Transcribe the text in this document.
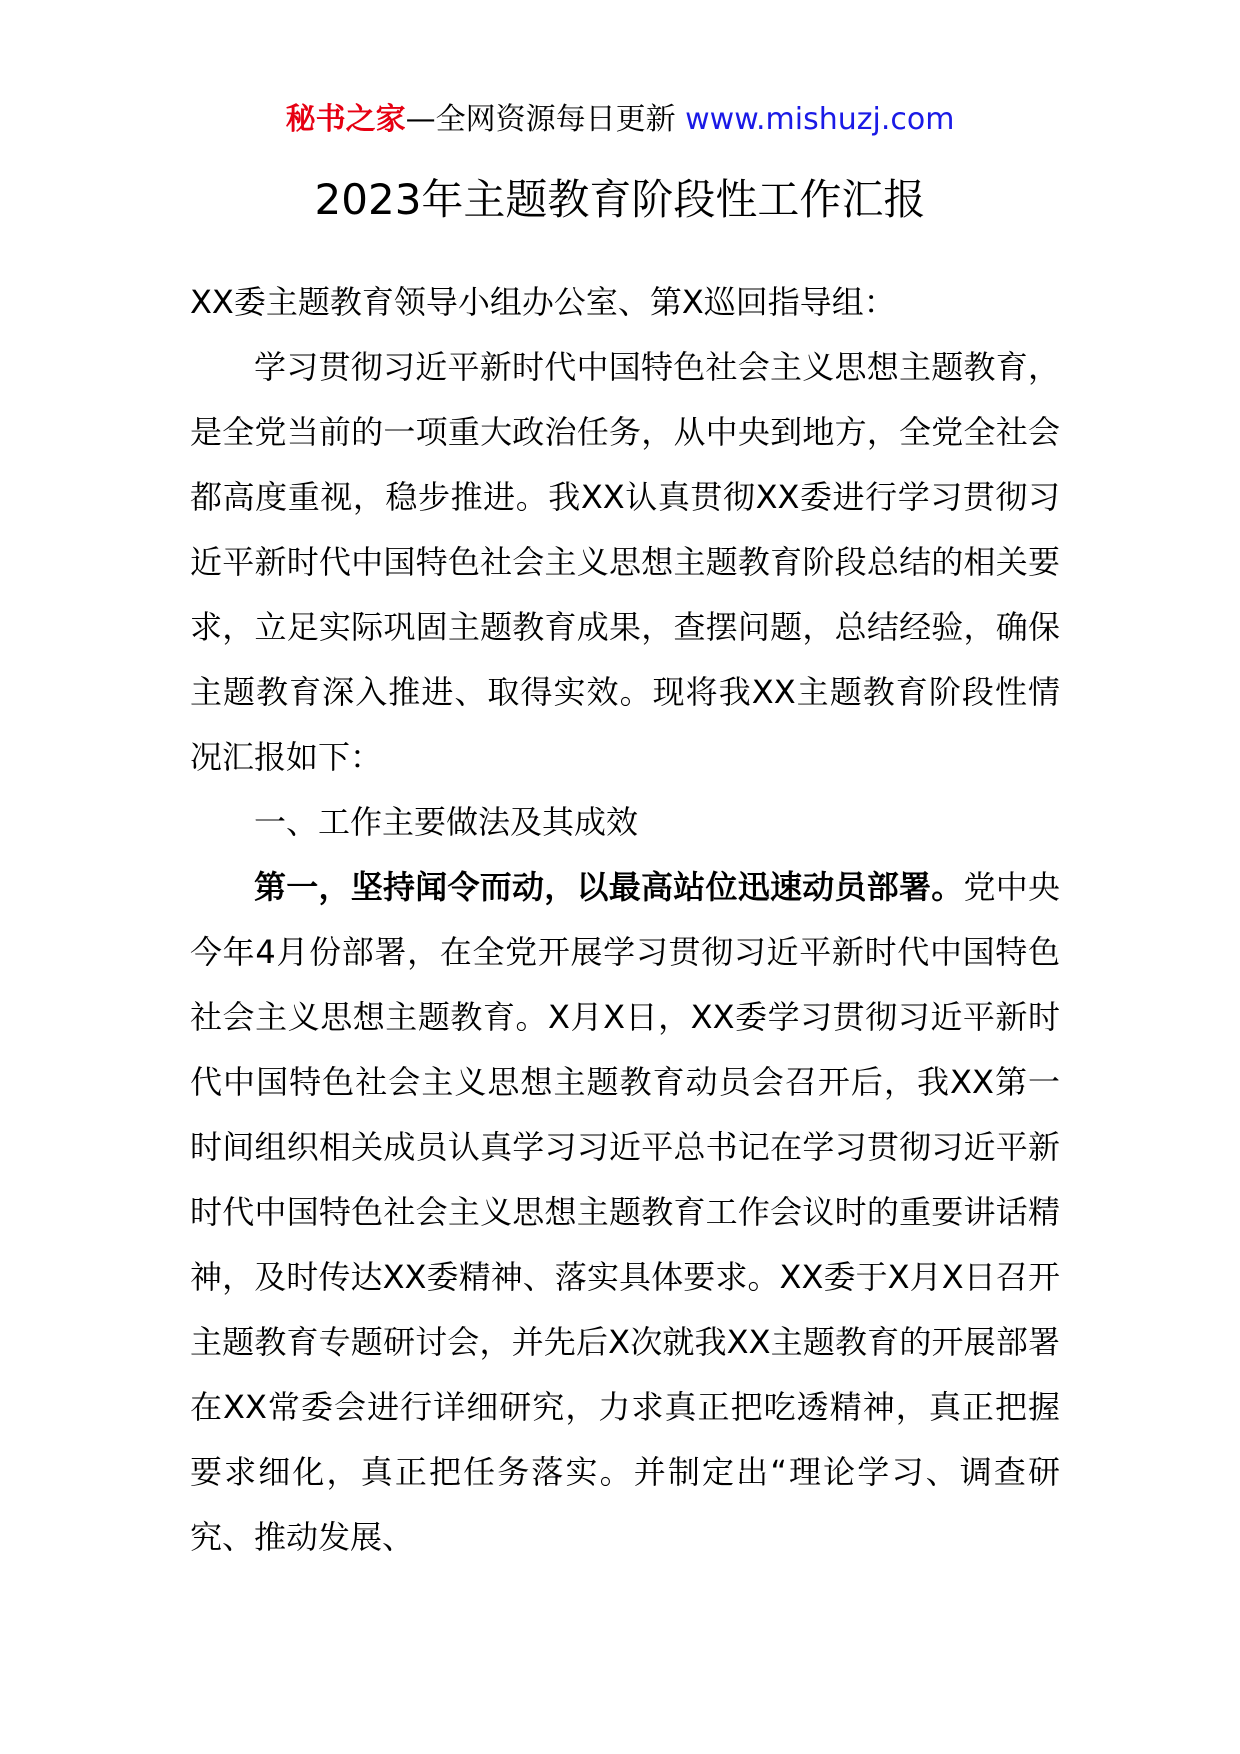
秘书之家—全网资源每日更新 www.mishuzj.com
2023年主题教育阶段性工作汇报

XX委主题教育领导小组办公室、第X巡回指导组：

学习贯彻习近平新时代中国特色社会主义思想主题教育，是全党当前的一项重大政治任务，从中央到地方，全党全社会都高度重视，稳步推进。我XX认真贯彻XX委进行学习贯彻习近平新时代中国特色社会主义思想主题教育阶段总结的相关要求，立足实际巩固主题教育成果，查摆问题，总结经验，确保主题教育深入推进、取得实效。现将我XX主题教育阶段性情况汇报如下：

一、工作主要做法及其成效

第一，坚持闻令而动，以最高站位迅速动员部署。党中央今年4月份部署，在全党开展学习贯彻习近平新时代中国特色社会主义思想主题教育。X月X日，XX委学习贯彻习近平新时代中国特色社会主义思想主题教育动员会召开后，我XX第一时间组织相关成员认真学习习近平总书记在学习贯彻习近平新时代中国特色社会主义思想主题教育工作会议时的重要讲话精神，及时传达XX委精神、落实具体要求。XX委于X月X日召开主题教育专题研讨会，并先后X次就我XX主题教育的开展部署在XX常委会进行详细研究，力求真正把吃透精神，真正把握要求细化，真正把任务落实。并制定出“理论学习、调查研究、推动发展、
